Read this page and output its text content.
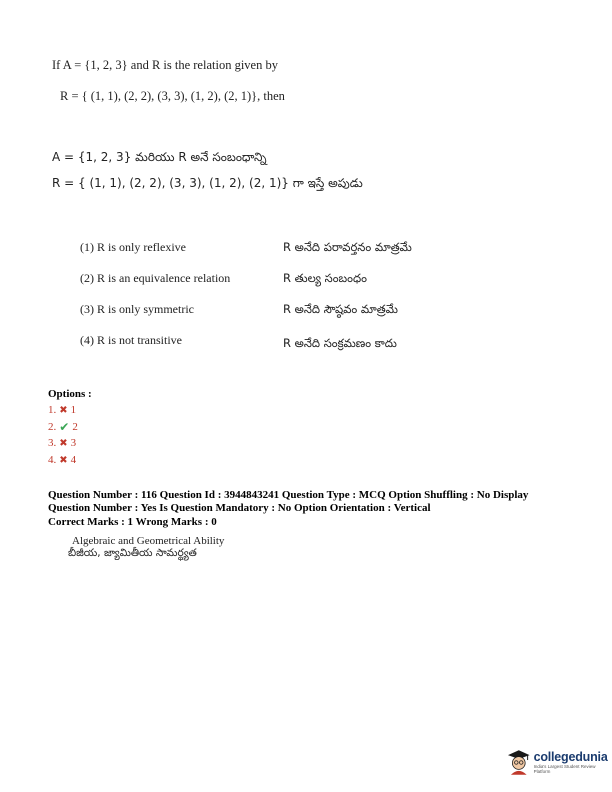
If A = {1, 2, 3} and R is the relation given by
R = { (1, 1), (2, 2), (3, 3), (1, 2), (2, 1)}, then
A = {1, 2, 3} మరియు R అనే సంబంధాన్ని
R = { (1, 1), (2, 2), (3, 3), (1, 2), (2, 1)} గా ఇస్తే అపుడు
(1) R is only reflexive	R అనేది పరావర్తనం మాత్రమే
(2) R is an equivalence relation	R తుల్య సంబంధం
(3) R is only symmetric	R అనేది సౌష్ఠవం మాత్రమే
(4) R is not transitive	R అనేది సంక్రమణం కాదు
Options :
1. ✖ 1
2. ✔ 2
3. ✖ 3
4. ✖ 4
Question Number : 116 Question Id : 3944843241 Question Type : MCQ Option Shuffling : No Display
Question Number : Yes Is Question Mandatory : No Option Orientation : Vertical
Correct Marks : 1 Wrong Marks : 0
Algebraic and Geometrical Ability
బీజీయ, జ్యామితీయ సామర్థ్యత
collegedunia
India's Largest Student Review Platform
